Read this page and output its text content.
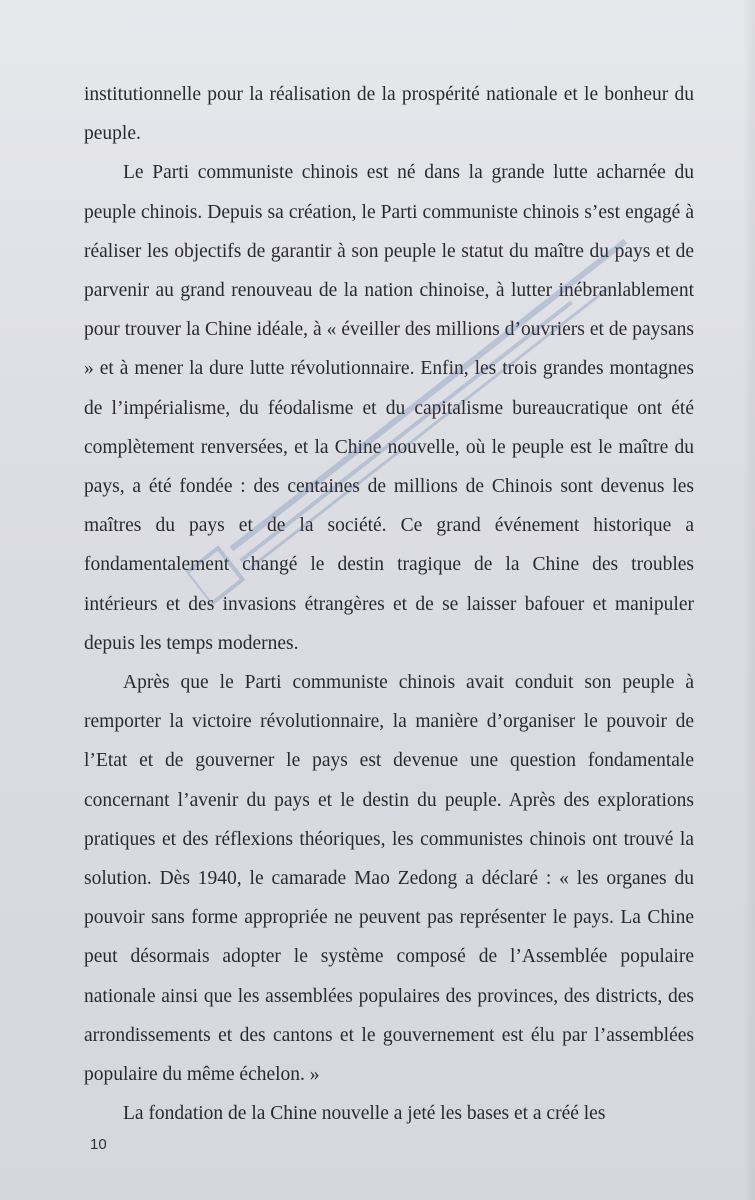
institutionnelle pour la réalisation de la prospérité nationale et le bonheur du peuple.

Le Parti communiste chinois est né dans la grande lutte acharnée du peuple chinois. Depuis sa création, le Parti communiste chinois s’est engagé à réaliser les objectifs de garantir à son peuple le statut du maître du pays et de parvenir au grand renouveau de la nation chinoise, à lutter inébranlablement pour trouver la Chine idéale, à « éveiller des millions d’ouvriers et de paysans » et à mener la dure lutte révolutionnaire. Enfin, les trois grandes montagnes de l’impérialisme, du féodalisme et du capitalisme bureaucratique ont été complètement renversées, et la Chine nouvelle, où le peuple est le maître du pays, a été fondée : des centaines de millions de Chinois sont devenus les maîtres du pays et de la société. Ce grand événement historique a fondamentalement changé le destin tragique de la Chine des troubles intérieurs et des invasions étrangères et de se laisser bafouer et manipuler depuis les temps modernes.

Après que le Parti communiste chinois avait conduit son peuple à remporter la victoire révolutionnaire, la manière d’organiser le pouvoir de l’Etat et de gouverner le pays est devenue une question fondamentale concernant l’avenir du pays et le destin du peuple. Après des explorations pratiques et des réflexions théoriques, les communistes chinois ont trouvé la solution. Dès 1940, le camarade Mao Zedong a déclaré : « les organes du pouvoir sans forme appropriée ne peuvent pas représenter le pays. La Chine peut désormais adopter le système composé de l’Assemblée populaire nationale ainsi que les assemblées populaires des provinces, des districts, des arrondissements et des cantons et le gouvernement est élu par l’assemblées populaire du même échelon. »

La fondation de la Chine nouvelle a jeté les bases et a créé les

10
